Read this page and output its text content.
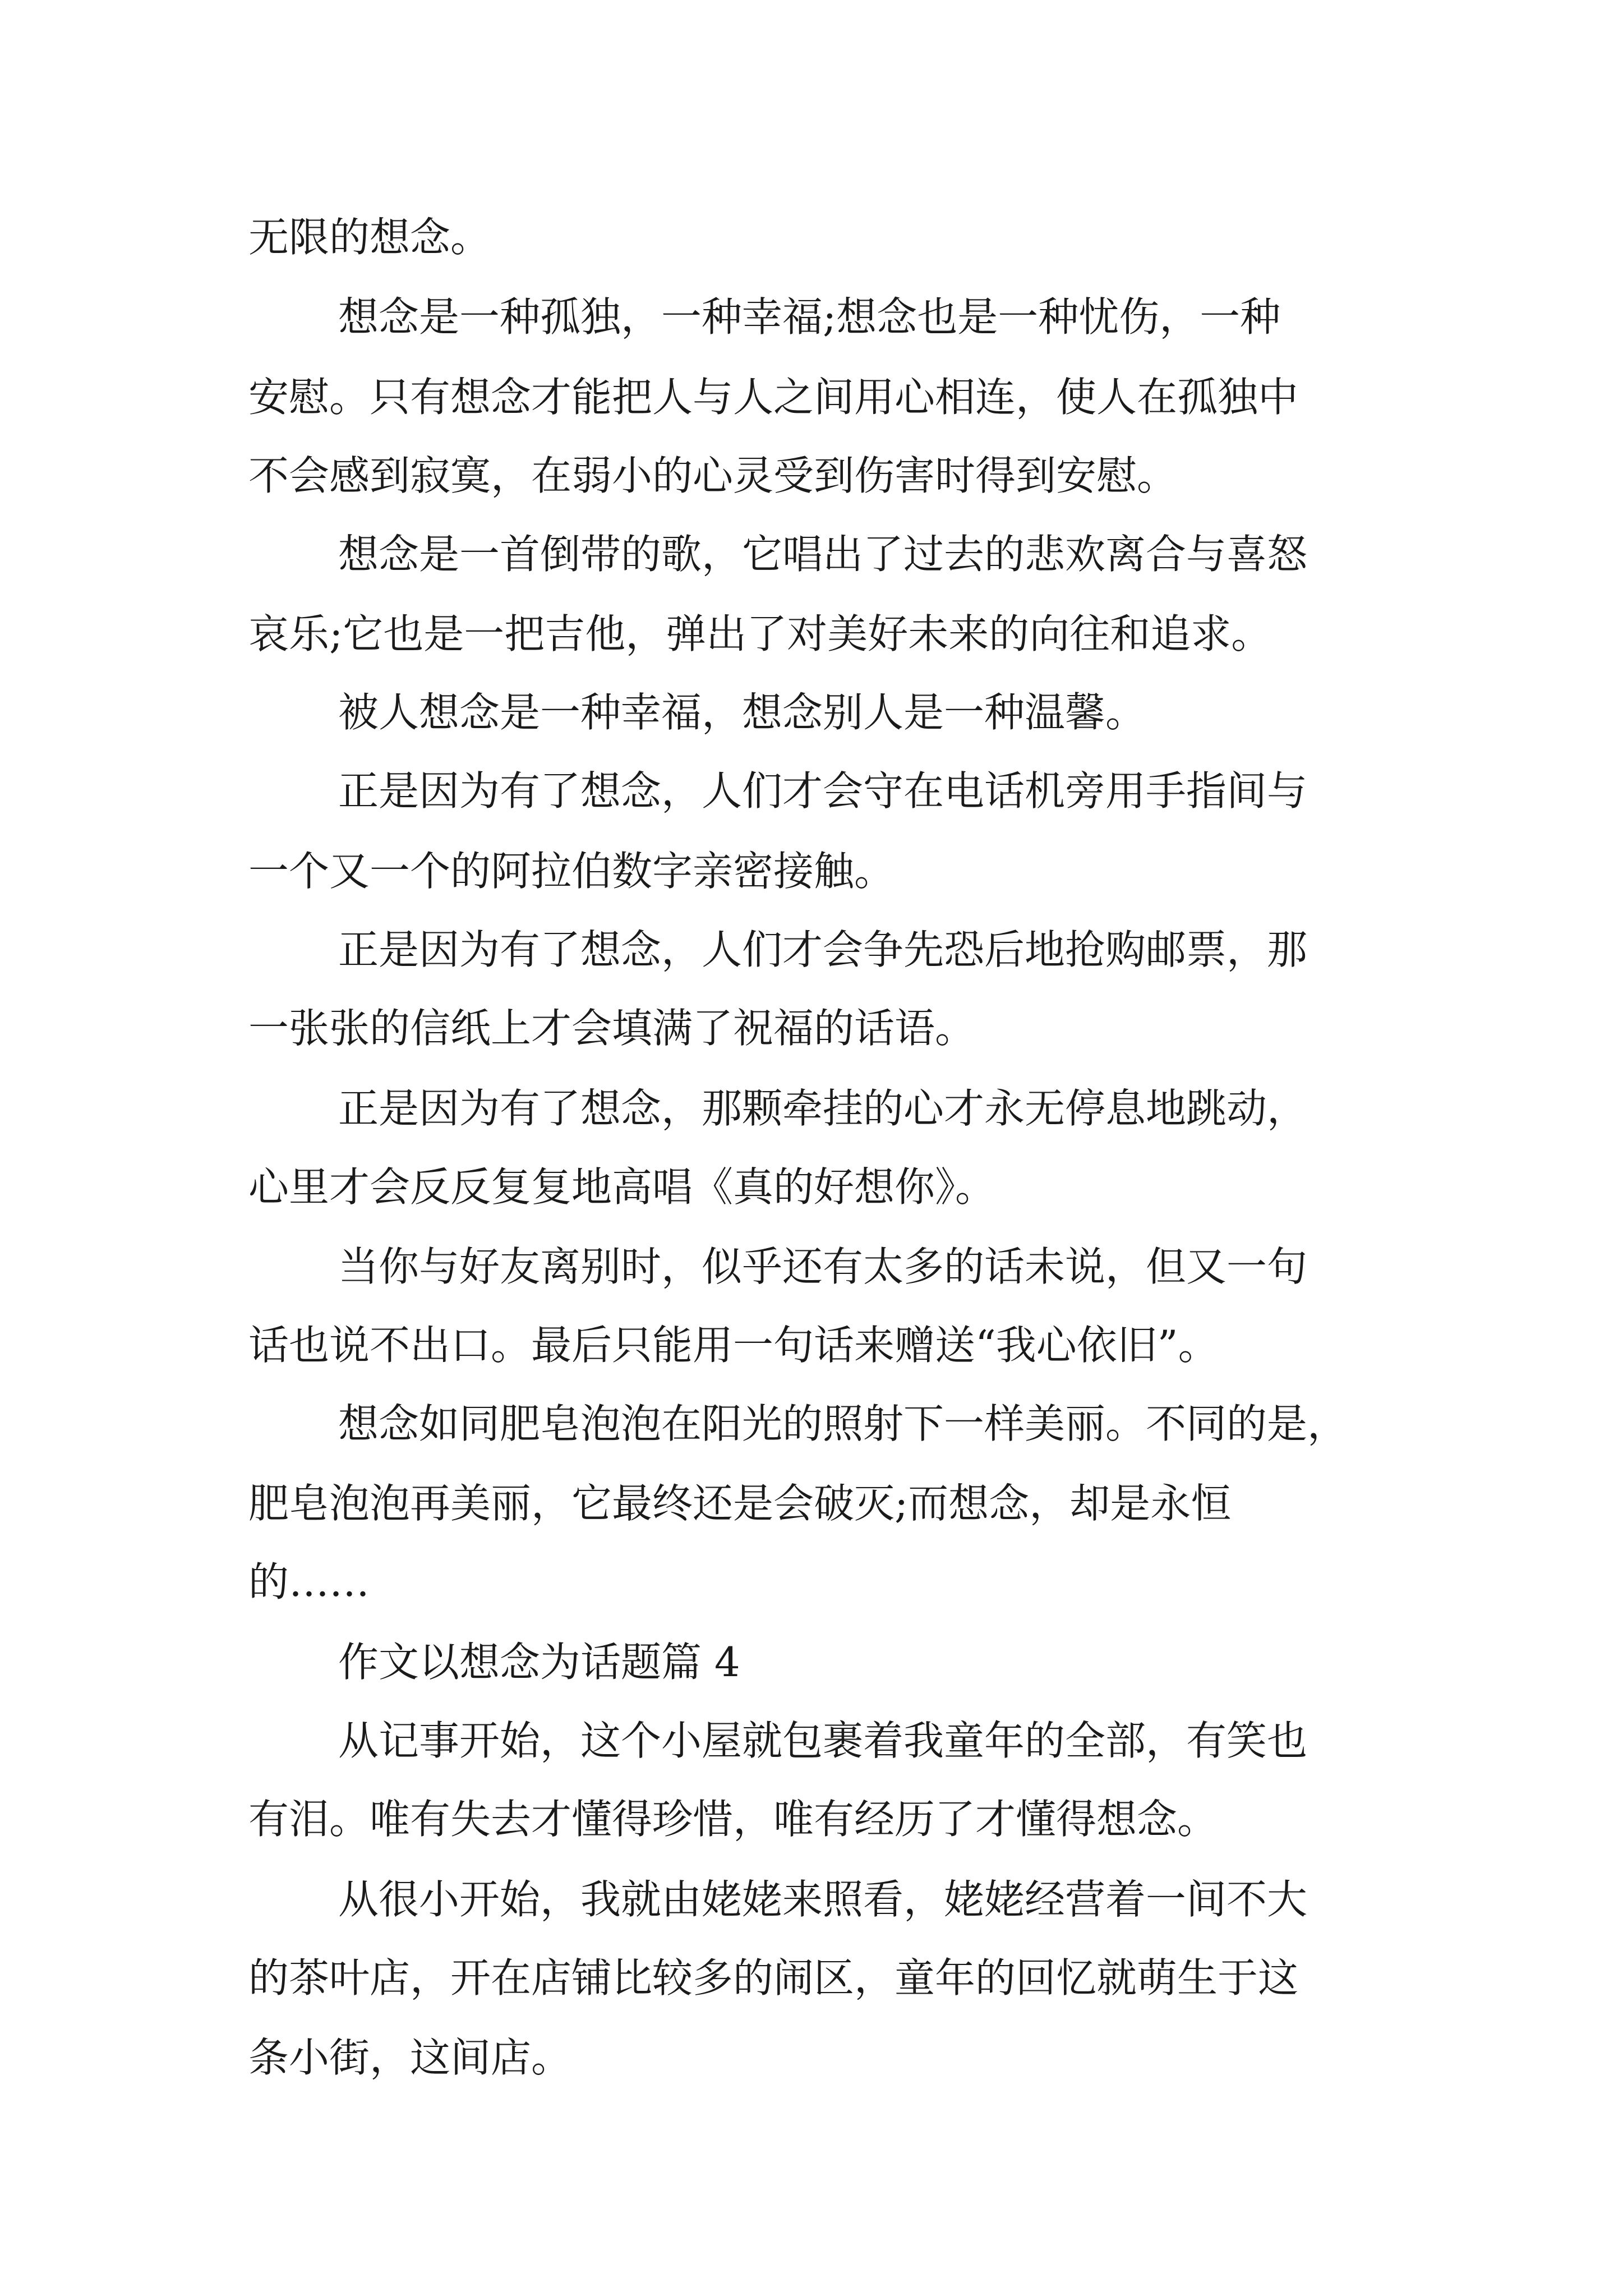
无限的想念。

想念是一种孤独，一种幸福;想念也是一种忧伤，一种

安慰。只有想念才能把人与人之间用心相连，使人在孤独中

不会感到寂寞，在弱小的心灵受到伤害时得到安慰。

想念是一首倒带的歌，它唱出了过去的悲欢离合与喜怒

哀乐;它也是一把吉他，弹出了对美好未来的向往和追求。

被人想念是一种幸福，想念别人是一种温馨。

正是因为有了想念，人们才会守在电话机旁用手指间与

一个又一个的阿拉伯数字亲密接触。

正是因为有了想念，人们才会争先恐后地抢购邮票，那

一张张的信纸上才会填满了祝福的话语。

正是因为有了想念，那颗牵挂的心才永无停息地跳动，

心里才会反反复复地高唱《真的好想你》。

当你与好友离别时，似乎还有太多的话未说，但又一句

话也说不出口。最后只能用一句话来赠送“我心依旧”。

想念如同肥皂泡泡在阳光的照射下一样美丽。不同的是，

肥皂泡泡再美丽，它最终还是会破灭;而想念，却是永恒

的……

作文以想念为话题篇 4

从记事开始，这个小屋就包裹着我童年的全部，有笑也

有泪。唯有失去才懂得珍惜，唯有经历了才懂得想念。

从很小开始，我就由姥姥来照看，姥姥经营着一间不大

的茶叶店，开在店铺比较多的闹区，童年的回忆就萌生于这

条小街，这间店。
